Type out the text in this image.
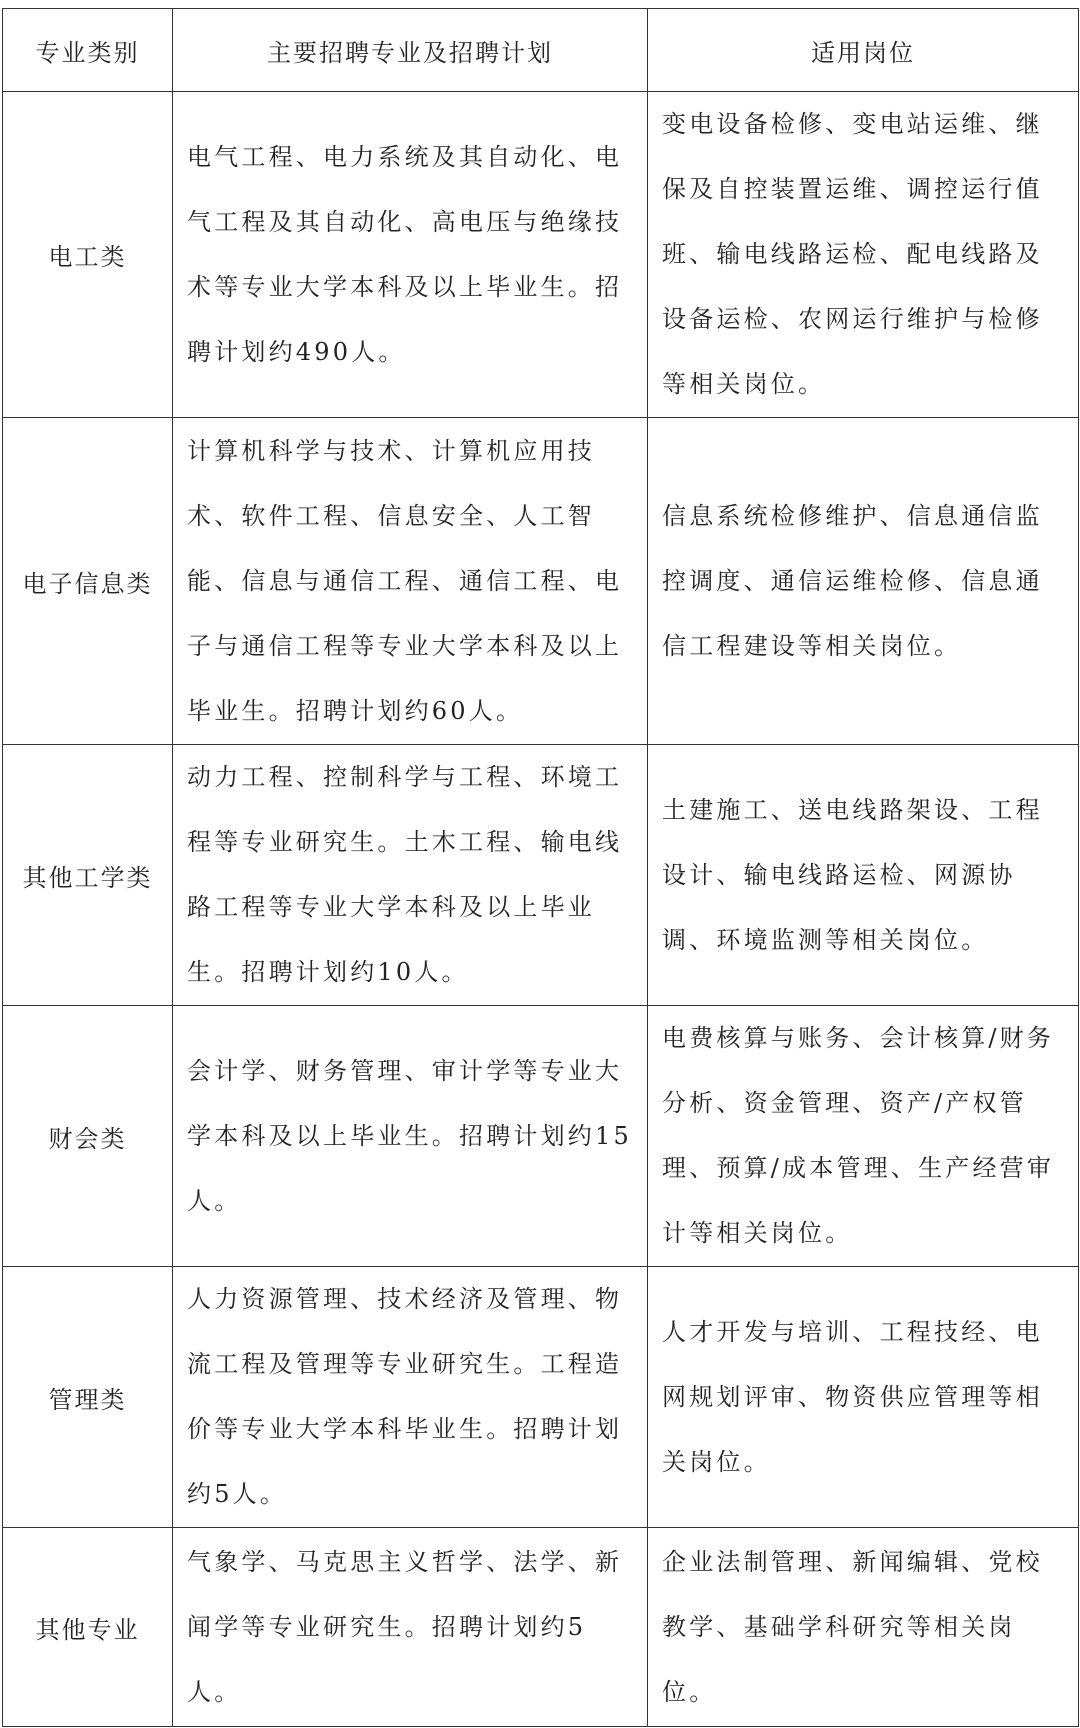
专业类别	主要招聘专业及招聘计划	适用岗位
电工类	电气工程、电力系统及其自动化、电气工程及其自动化、高电压与绝缘技术等专业大学本科及以上毕业生。招聘计划约490人。	变电设备检修、变电站运维、继保及自控装置运维、调控运行值班、输电线路运检、配电线路及设备运检、农网运行维护与检修等相关岗位。
电子信息类	计算机科学与技术、计算机应用技术、软件工程、信息安全、人工智能、信息与通信工程、通信工程、电子与通信工程等专业大学本科及以上毕业生。招聘计划约60人。	信息系统检修维护、信息通信监控调度、通信运维检修、信息通信工程建设等相关岗位。
其他工学类	动力工程、控制科学与工程、环境工程等专业研究生。土木工程、输电线路工程等专业大学本科及以上毕业生。招聘计划约10人。	土建施工、送电线路架设、工程设计、输电线路运检、网源协调、环境监测等相关岗位。
财会类	会计学、财务管理、审计学等专业大学本科及以上毕业生。招聘计划约15人。	电费核算与账务、会计核算/财务分析、资金管理、资产/产权管理、预算/成本管理、生产经营审计等相关岗位。
管理类	人力资源管理、技术经济及管理、物流工程及管理等专业研究生。工程造价等专业大学本科毕业生。招聘计划约5人。	人才开发与培训、工程技经、电网规划评审、物资供应管理等相关岗位。
其他专业	气象学、马克思主义哲学、法学、新闻学等专业研究生。招聘计划约5人。	企业法制管理、新闻编辑、党校教学、基础学科研究等相关岗位。
